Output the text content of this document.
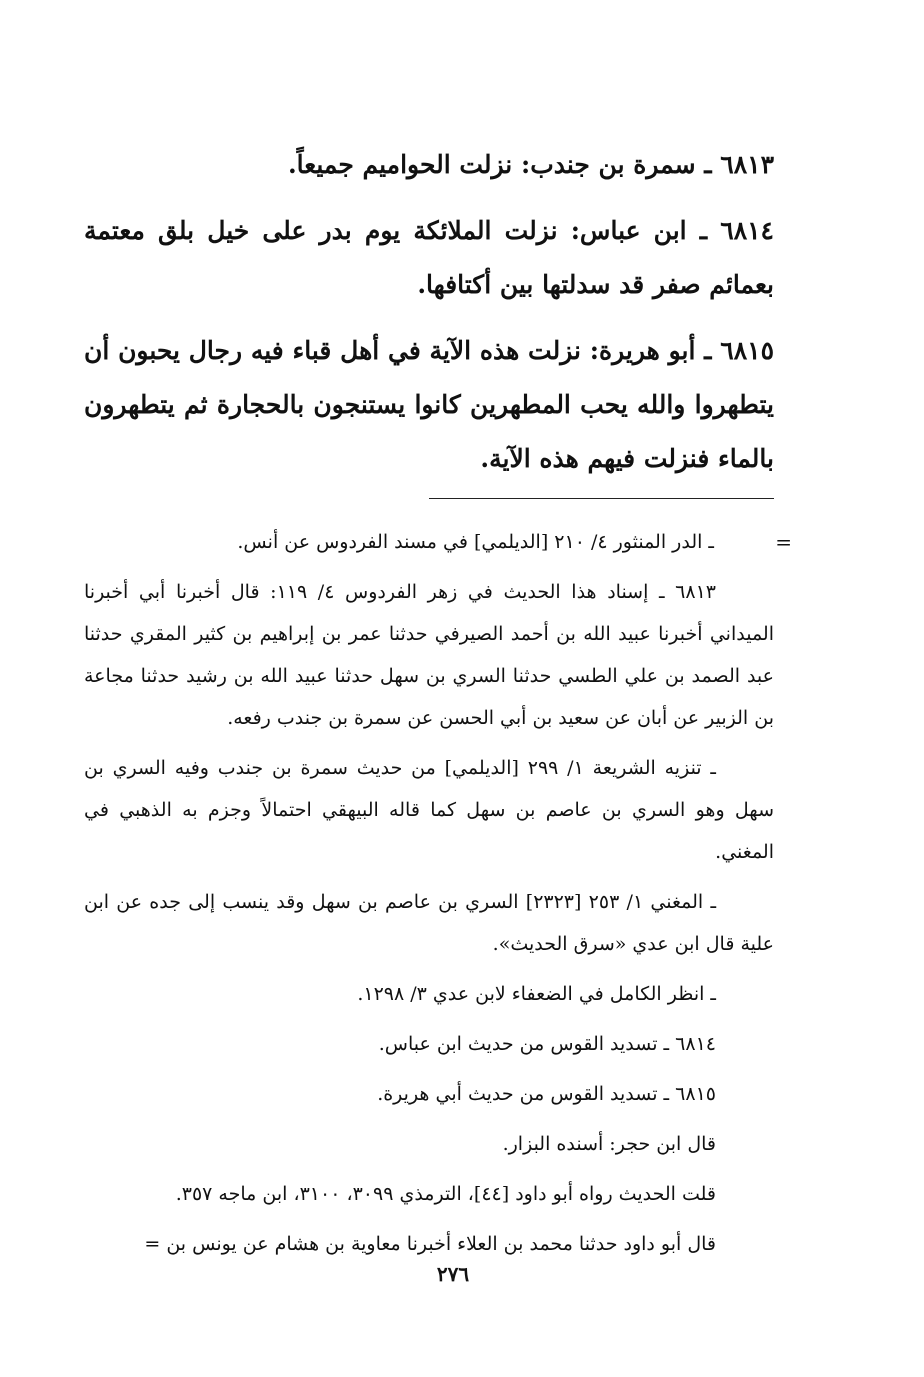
٦٨١٣ ـ سمرة بن جندب: نزلت الحواميم جميعاً.

٦٨١٤ ـ ابن عباس: نزلت الملائكة يوم بدر على خيل بلق معتمة بعمائم صفر قد سدلتها بين أكتافها.

٦٨١٥ ـ أبو هريرة: نزلت هذه الآية في أهل قباء فيه رجال يحبون أن يتطهروا والله يحب المطهرين كانوا يستنجون بالحجارة ثم يتطهرون بالماء فنزلت فيهم هذه الآية.

=
ـ الدر المنثور ٤/ ٢١٠ [الديلمي] في مسند الفردوس عن أنس.

٦٨١٣ ـ إسناد هذا الحديث في زهر الفردوس ٤/ ١١٩: قال أخبرنا أبي أخبرنا الميداني أخبرنا عبيد الله بن أحمد الصيرفي حدثنا عمر بن إبراهيم بن كثير المقري حدثنا عبد الصمد بن علي الطسي حدثنا السري بن سهل حدثنا عبيد الله بن رشيد حدثنا مجاعة بن الزبير عن أبان عن سعيد بن أبي الحسن عن سمرة بن جندب رفعه.

ـ تنزيه الشريعة ١/ ٢٩٩ [الديلمي] من حديث سمرة بن جندب وفيه السري بن سهل وهو السري بن عاصم بن سهل كما قاله البيهقي احتمالاً وجزم به الذهبي في المغني.

ـ المغني ١/ ٢٥٣ [٢٣٢٣] السري بن عاصم بن سهل وقد ينسب إلى جده عن ابن علية قال ابن عدي «سرق الحديث».

ـ انظر الكامل في الضعفاء لابن عدي ٣/ ١٢٩٨.

٦٨١٤ ـ تسديد القوس من حديث ابن عباس.

٦٨١٥ ـ تسديد القوس من حديث أبي هريرة.

قال ابن حجر: أسنده البزار.

قلت الحديث رواه أبو داود [٤٤]، الترمذي ٣٠٩٩، ٣١٠٠، ابن ماجه ٣٥٧.

قال أبو داود حدثنا محمد بن العلاء أخبرنا معاوية بن هشام عن يونس بن =

٢٧٦
